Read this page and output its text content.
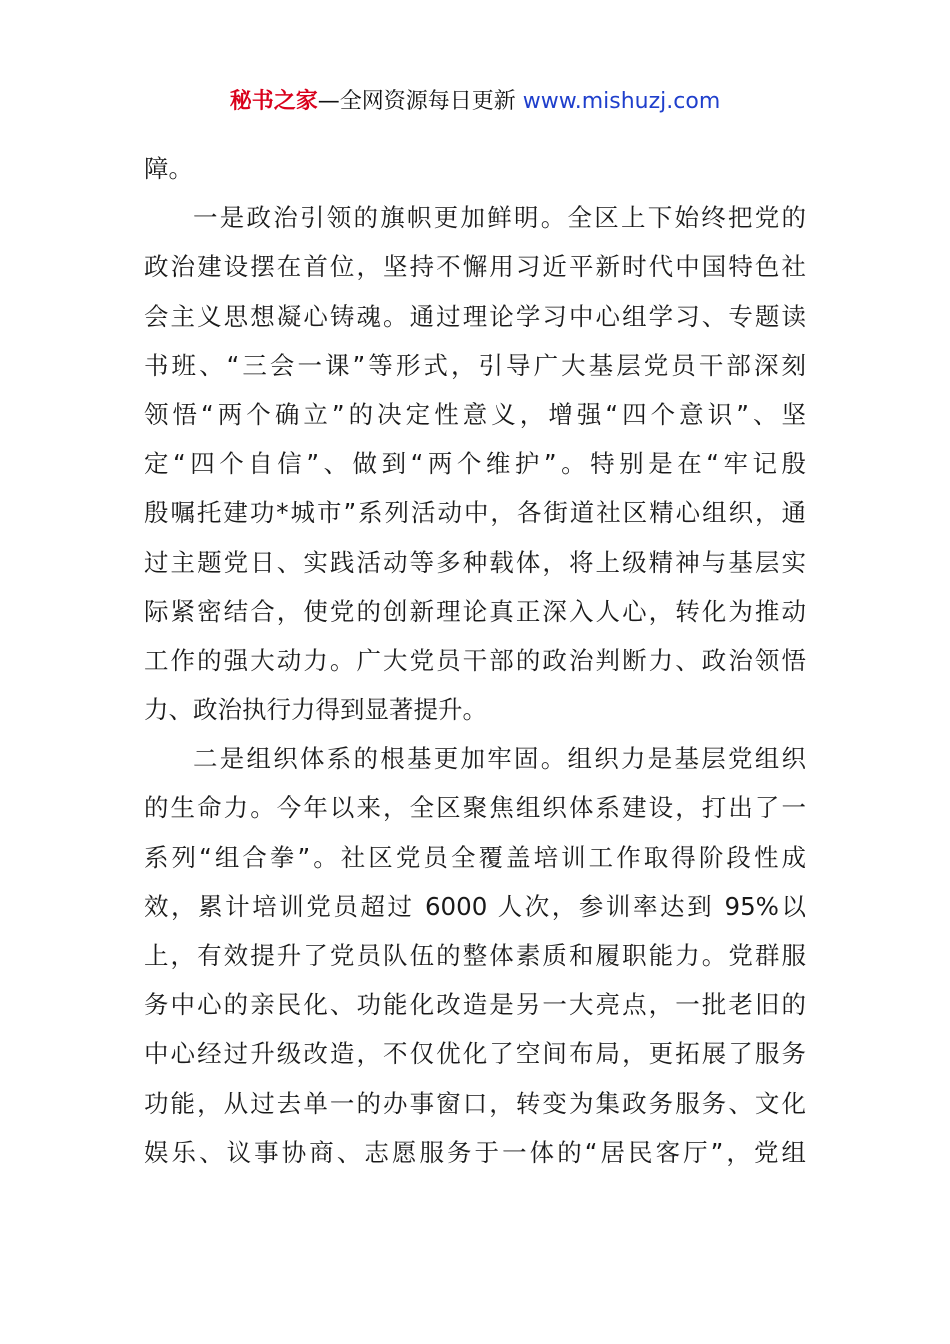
秘书之家—全网资源每日更新 www.mishuzj.com
障。
一是政治引领的旗帜更加鲜明。全区上下始终把党的
政治建设摆在首位，坚持不懈用习近平新时代中国特色社
会主义思想凝心铸魂。通过理论学习中心组学习、专题读
书班、“三会一课”等形式，引导广大基层党员干部深刻
领悟“两个确立”的决定性意义，增强“四个意识”、坚
定“四个自信”、做到“两个维护”。特别是在“牢记殷
殷嘱托建功*城市”系列活动中，各街道社区精心组织，通
过主题党日、实践活动等多种载体，将上级精神与基层实
际紧密结合，使党的创新理论真正深入人心，转化为推动
工作的强大动力。广大党员干部的政治判断力、政治领悟
力、政治执行力得到显著提升。
二是组织体系的根基更加牢固。组织力是基层党组织
的生命力。今年以来，全区聚焦组织体系建设，打出了一
系列“组合拳”。社区党员全覆盖培训工作取得阶段性成
效，累计培训党员超过 6000 人次，参训率达到 95%以
上，有效提升了党员队伍的整体素质和履职能力。党群服
务中心的亲民化、功能化改造是另一大亮点，一批老旧的
中心经过升级改造，不仅优化了空间布局，更拓展了服务
功能，从过去单一的办事窗口，转变为集政务服务、文化
娱乐、议事协商、志愿服务于一体的“居民客厅”，党组
